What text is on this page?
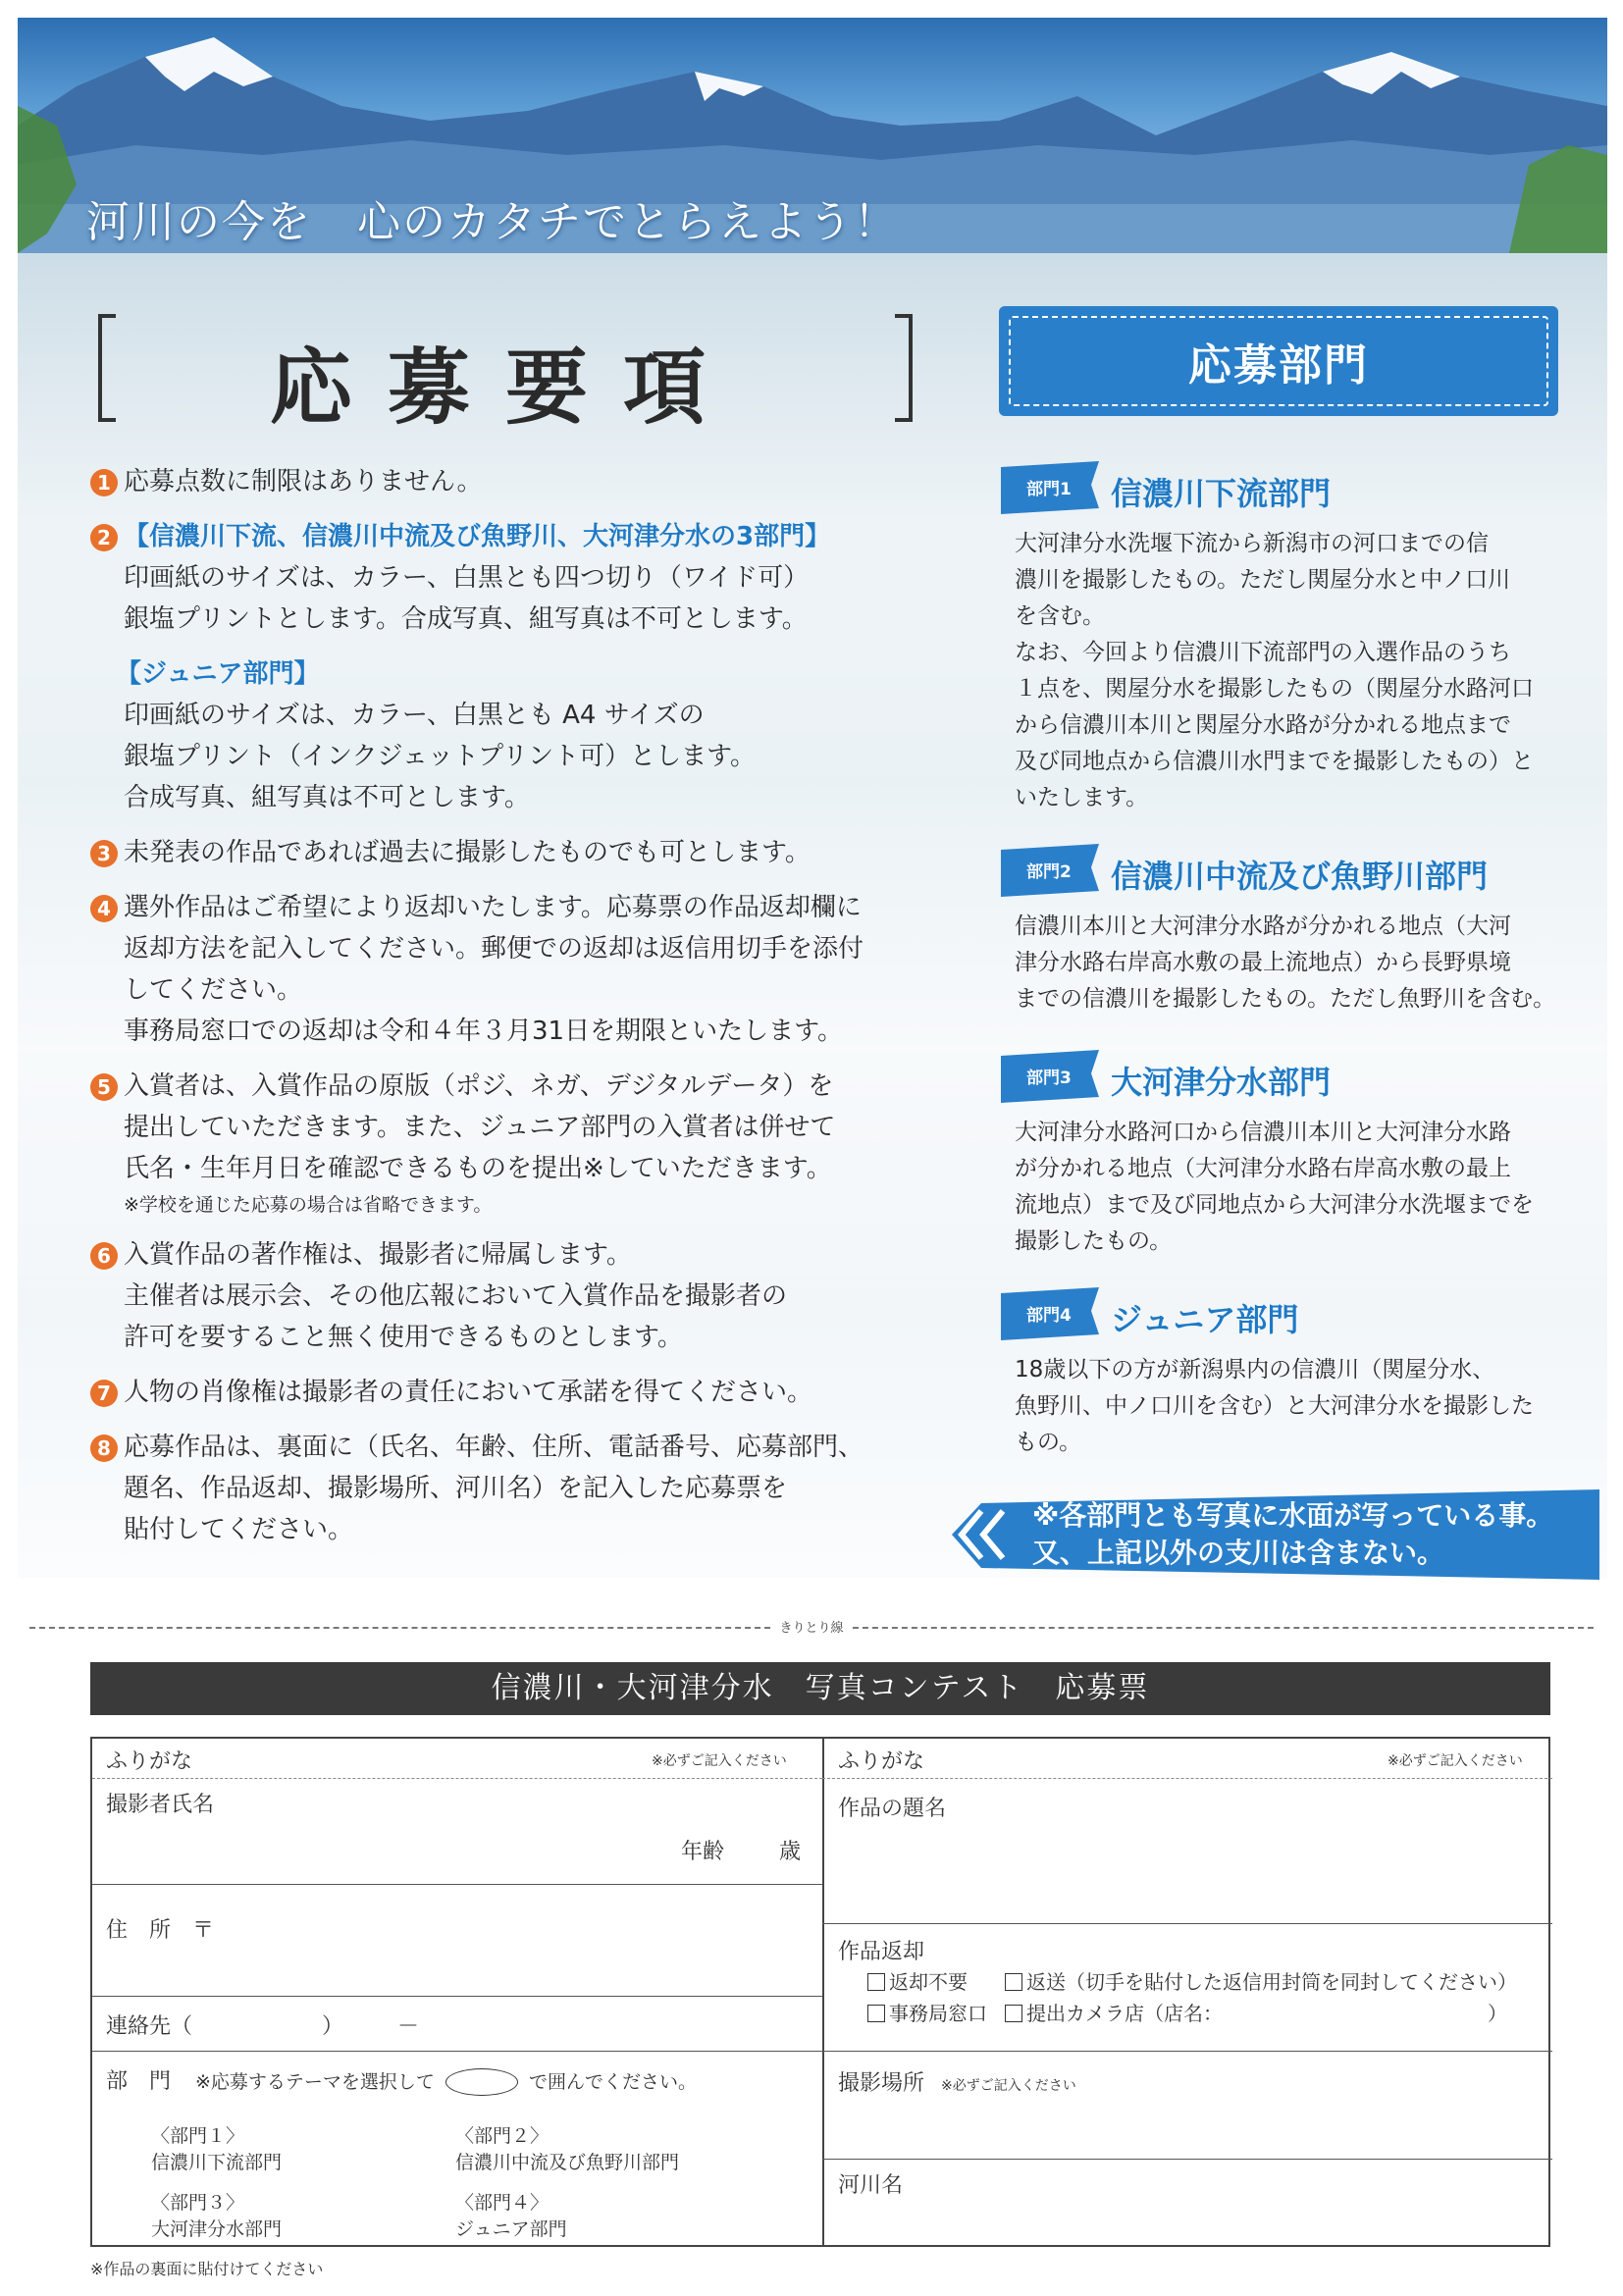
河川の今を　心のカタチでとらえよう！
応募要項
1 応募点数に制限はありません。
2 【信濃川下流、信濃川中流及び魚野川、大河津分水の3部門】
印画紙のサイズは、カラー、白黒とも四つ切り（ワイド可）
銀塩プリントとします。合成写真、組写真は不可とします。
【ジュニア部門】
印画紙のサイズは、カラー、白黒とも A4 サイズの
銀塩プリント（インクジェットプリント可）とします。
合成写真、組写真は不可とします。
3 未発表の作品であれば過去に撮影したものでも可とします。
4 選外作品はご希望により返却いたします。応募票の作品返却欄に
返却方法を記入してください。郵便での返却は返信用切手を添付
してください。
事務局窓口での返却は令和４年３月31日を期限といたします。
5 入賞者は、入賞作品の原版（ポジ、ネガ、デジタルデータ）を
提出していただきます。また、ジュニア部門の入賞者は併せて
氏名・生年月日を確認できるものを提出※していただきます。
※学校を通じた応募の場合は省略できます。
6 入賞作品の著作権は、撮影者に帰属します。
主催者は展示会、その他広報において入賞作品を撮影者の
許可を要すること無く使用できるものとします。
7 人物の肖像権は撮影者の責任において承諾を得てください。
8 応募作品は、裏面に（氏名、年齢、住所、電話番号、応募部門、
題名、作品返却、撮影場所、河川名）を記入した応募票を
貼付してください。
応募部門
部門1 信濃川下流部門
大河津分水洗堰下流から新潟市の河口までの信
濃川を撮影したもの。ただし関屋分水と中ノ口川
を含む。
なお、今回より信濃川下流部門の入選作品のうち
１点を、関屋分水を撮影したもの（関屋分水路河口
から信濃川本川と関屋分水路が分かれる地点まで
及び同地点から信濃川水門までを撮影したもの）と
いたします。
部門2 信濃川中流及び魚野川部門
信濃川本川と大河津分水路が分かれる地点（大河
津分水路右岸高水敷の最上流地点）から長野県境
までの信濃川を撮影したもの。ただし魚野川を含む。
部門3 大河津分水部門
大河津分水路河口から信濃川本川と大河津分水路
が分かれる地点（大河津分水路右岸高水敷の最上
流地点）まで及び同地点から大河津分水洗堰までを
撮影したもの。
部門4 ジュニア部門
18歳以下の方が新潟県内の信濃川（関屋分水、
魚野川、中ノ口川を含む）と大河津分水を撮影した
もの。
※各部門とも写真に水面が写っている事。
又、上記以外の支川は含まない。
きりとり線
信濃川・大河津分水　写真コンテスト　応募票
ふりがな	※必ずご記入ください
撮影者氏名
年齢	歳
住　所　〒
連絡先（　　　　　　）　　　－
部　門 ※応募するテーマを選択して	で囲んでください。
〈部門１〉
信濃川下流部門
〈部門２〉
信濃川中流及び魚野川部門
〈部門３〉
大河津分水部門
〈部門４〉
ジュニア部門
ふりがな	※必ずご記入ください
作品の題名
作品返却
返却不要	返送（切手を貼付した返信用封筒を同封してください）
事務局窓口	提出カメラ店（店名：　　　　　　　　　　　　　　）
撮影場所 ※必ずご記入ください
河川名
※作品の裏面に貼付けてください
